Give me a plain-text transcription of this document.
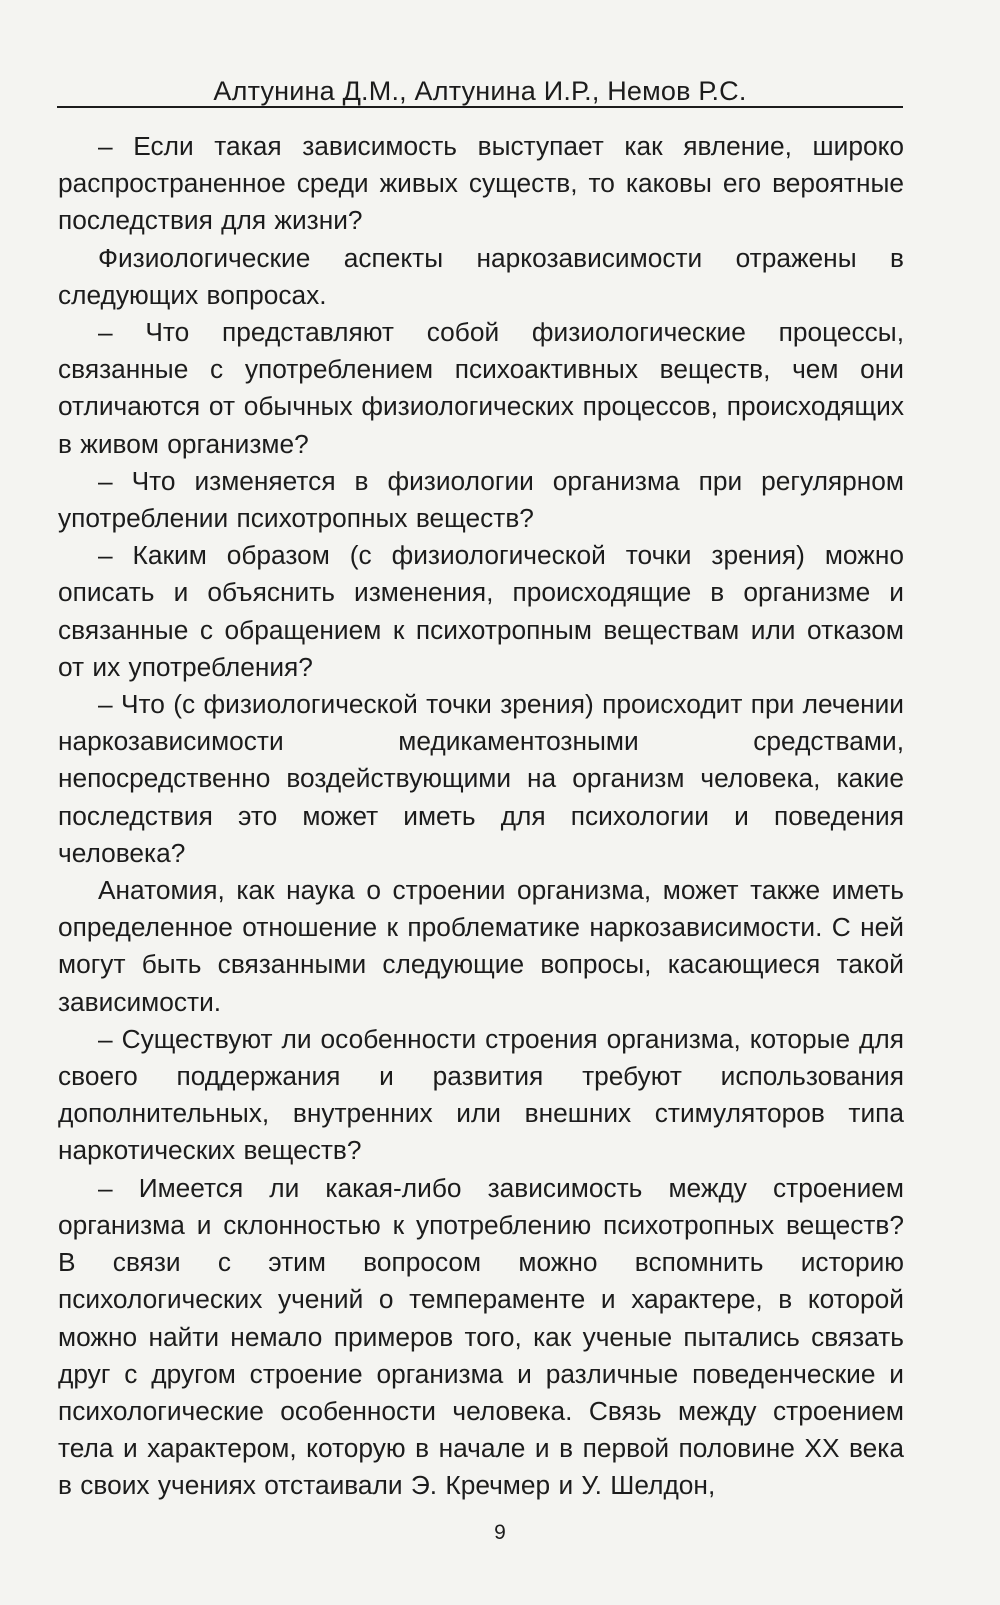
Алтунина Д.М., Алтунина И.Р., Немов Р.С.

– Если такая зависимость выступает как явление, широко распространенное среди живых существ, то каковы его вероятные последствия для жизни?

Физиологические аспекты наркозависимости отражены в следующих вопросах.

– Что представляют собой физиологические процессы, связанные с употреблением психоактивных веществ, чем они отличаются от обычных физиологических процессов, происходящих в живом организме?

– Что изменяется в физиологии организма при регулярном употреблении психотропных веществ?

– Каким образом (с физиологической точки зрения) можно описать и объяснить изменения, происходящие в организме и связанные с обращением к психотропным веществам или отказом от их употребления?

– Что (с физиологической точки зрения) происходит при лечении наркозависимости медикаментозными средствами, непосредственно воздействующими на организм человека, какие последствия это может иметь для психологии и поведения человека?

Анатомия, как наука о строении организма, может также иметь определенное отношение к проблематике наркозависимости. С ней могут быть связанными следующие вопросы, касающиеся такой зависимости.

– Существуют ли особенности строения организма, которые для своего поддержания и развития требуют использования дополнительных, внутренних или внешних стимуляторов типа наркотических веществ?

– Имеется ли какая-либо зависимость между строением организма и склонностью к употреблению психотропных веществ? В связи с этим вопросом можно вспомнить историю психологических учений о темпераменте и характере, в которой можно найти немало примеров того, как ученые пытались связать друг с другом строение организма и различные поведенческие и психологические особенности человека. Связь между строением тела и характером, которую в начале и в первой половине XX века в своих учениях отстаивали Э. Кречмер и У. Шелдон,

9
